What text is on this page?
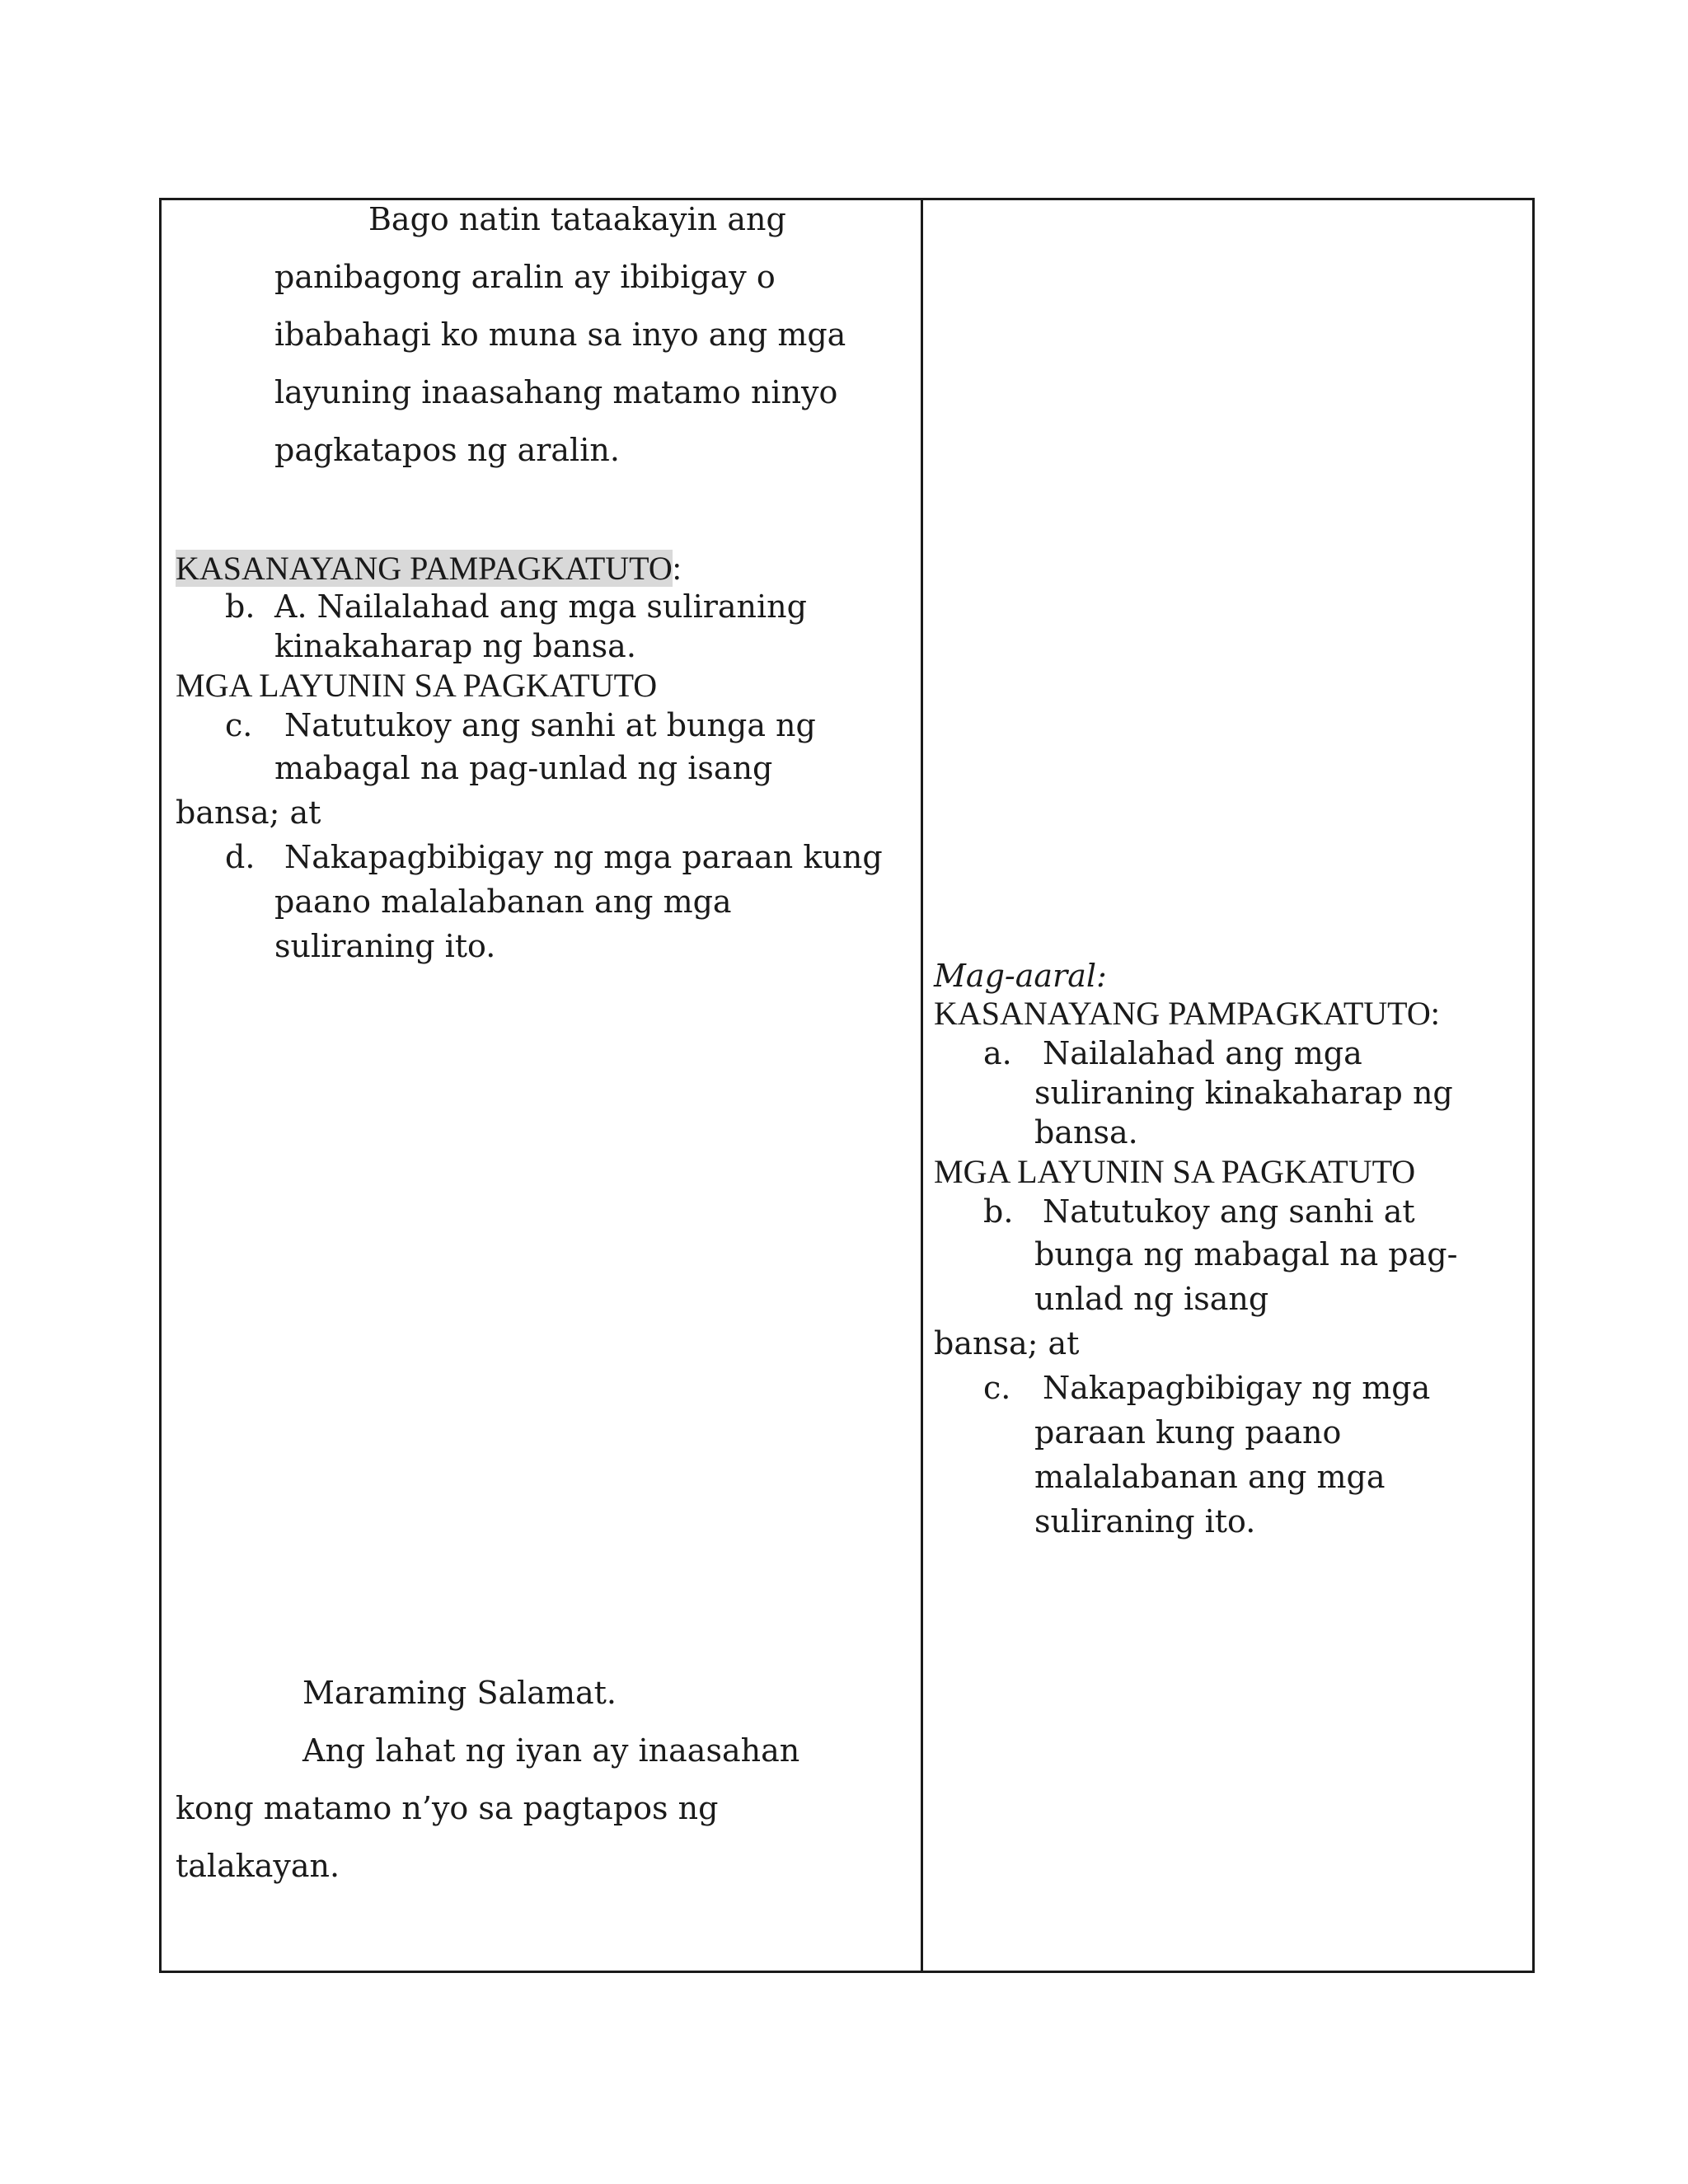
Bago natin tataakayin ang
panibagong aralin ay ibibigay o
ibabahagi ko muna sa inyo ang mga
layuning inaasahang matamo ninyo
pagkatapos ng aralin.
KASANAYANG PAMPAGKATUTO:
b. A. Nailalahad ang mga suliraning
kinakaharap ng bansa.
MGA LAYUNIN SA PAGKATUTO
c. Natutukoy ang sanhi at bunga ng
mabagal na pag-unlad ng isang
bansa; at
d. Nakapagbibigay ng mga paraan kung
paano malalabanan ang mga
suliraning ito.
Maraming Salamat.
Ang lahat ng iyan ay inaasahan
kong matamo n’yo sa pagtapos ng
talakayan.
Mag-aaral:
KASANAYANG PAMPAGKATUTO:
a. Nailalahad ang mga
suliraning kinakaharap ng
bansa.
MGA LAYUNIN SA PAGKATUTO
b. Natutukoy ang sanhi at
bunga ng mabagal na pag-
unlad ng isang
bansa; at
c. Nakapagbibigay ng mga
paraan kung paano
malalabanan ang mga
suliraning ito.
